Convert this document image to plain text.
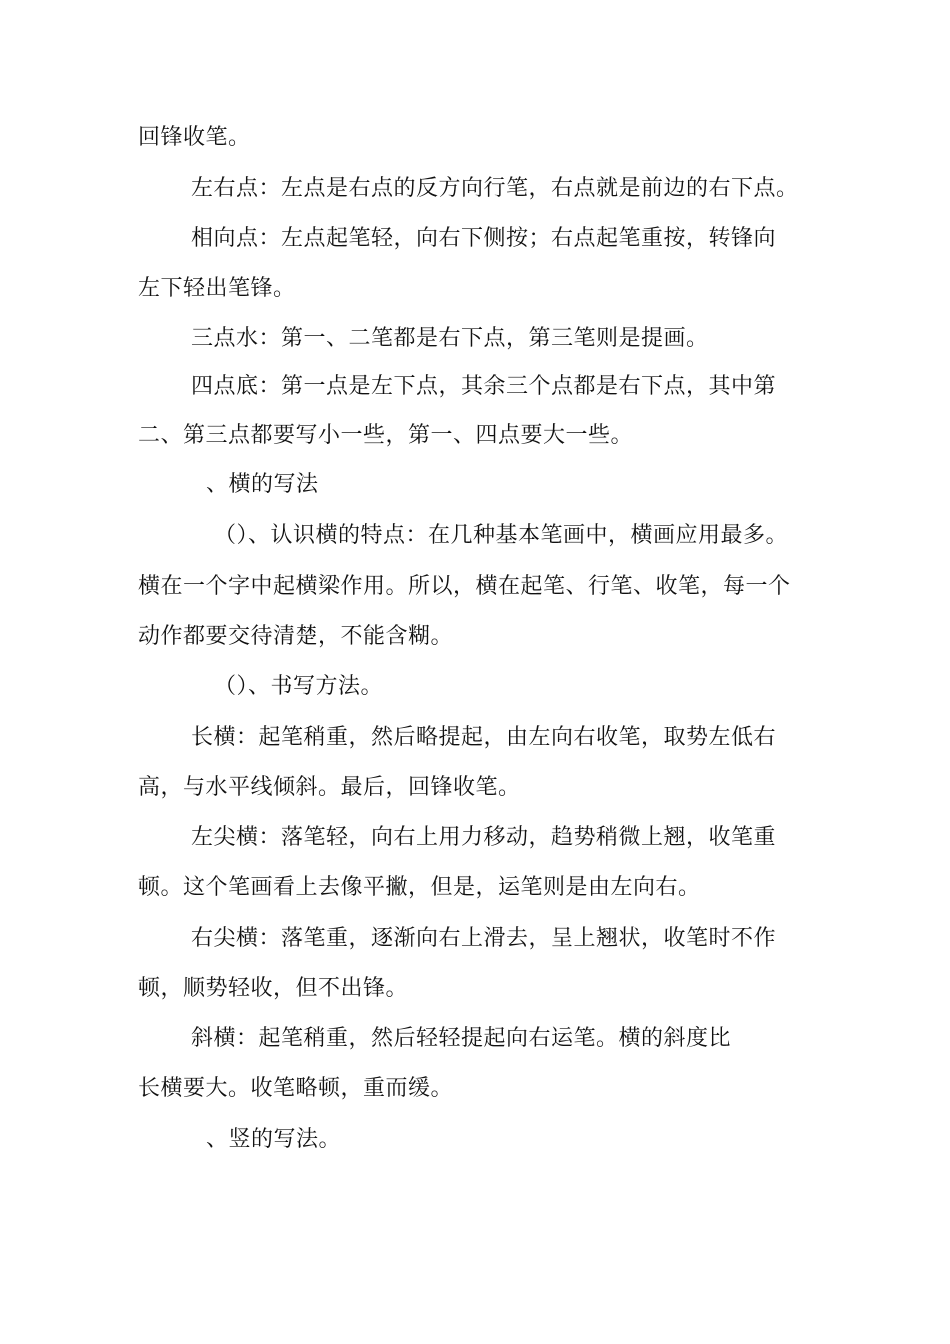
回锋收笔。
左右点：左点是右点的反方向行笔，右点就是前边的右下点。
相向点：左点起笔轻，向右下侧按；右点起笔重按，转锋向
左下轻出笔锋。
三点水：第一、二笔都是右下点，第三笔则是提画。
四点底：第一点是左下点，其余三个点都是右下点，其中第
二、第三点都要写小一些，第一、四点要大一些。
、横的写法
（）、认识横的特点：在几种基本笔画中，横画应用最多。
横在一个字中起横梁作用。所以，横在起笔、行笔、收笔，每一个
动作都要交待清楚，不能含糊。
（）、书写方法。
长横：起笔稍重，然后略提起，由左向右收笔，取势左低右
高，与水平线倾斜。最后，回锋收笔。
左尖横：落笔轻，向右上用力移动，趋势稍微上翘，收笔重
顿。这个笔画看上去像平撇，但是，运笔则是由左向右。
右尖横：落笔重，逐渐向右上滑去，呈上翘状，收笔时不作
顿，顺势轻收，但不出锋。
斜横：起笔稍重，然后轻轻提起向右运笔。横的斜度比
长横要大。收笔略顿，重而缓。
、竖的写法。
